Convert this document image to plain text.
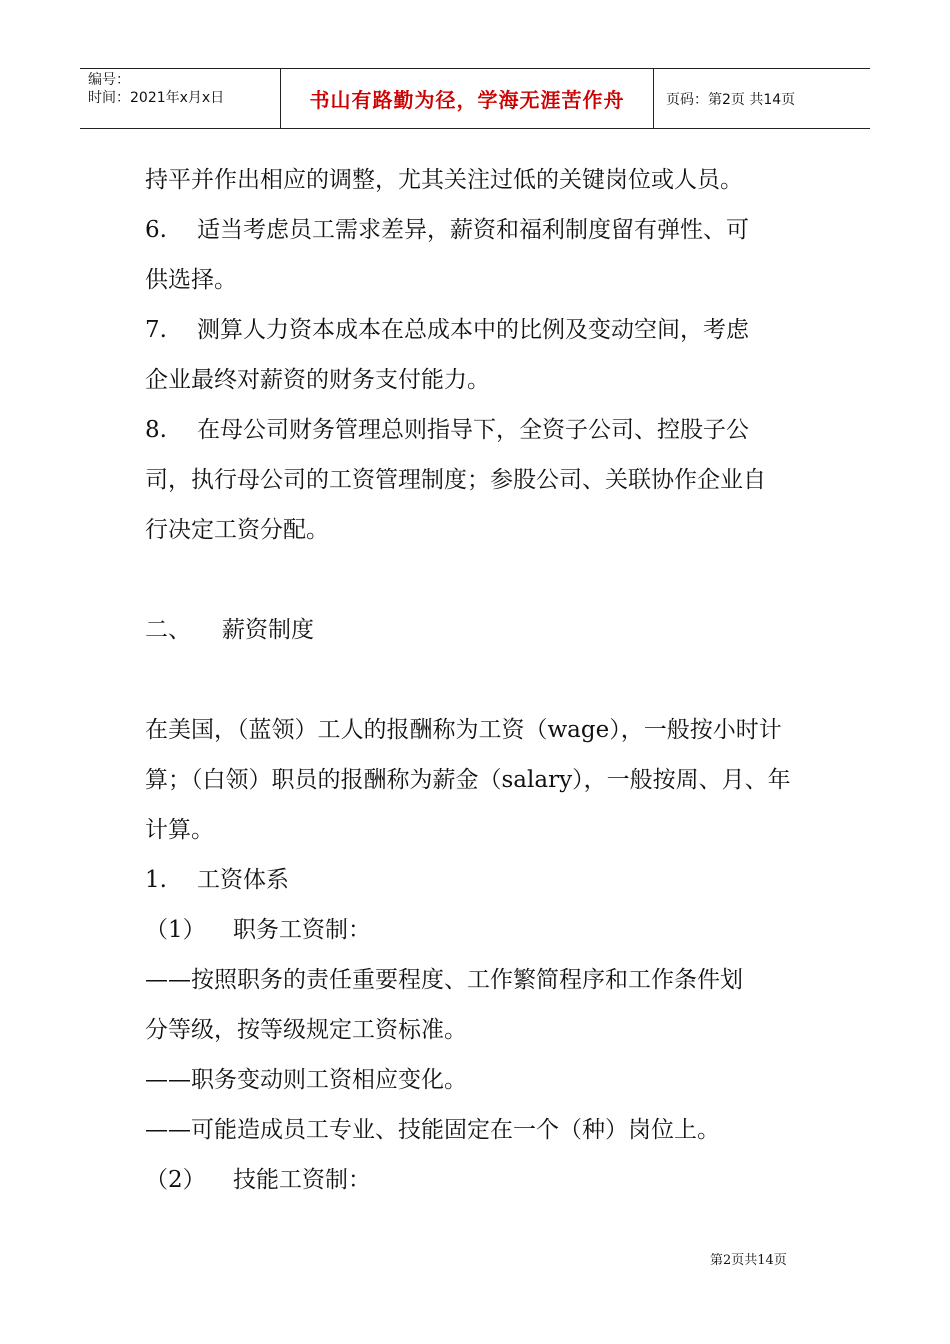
编号：
时间：2021年x月x日	书山有路勤为径，学海无涯苦作舟	页码：第2页 共14页
持平并作出相应的调整，尤其关注过低的关键岗位或人员。
6. 适当考虑员工需求差异，薪资和福利制度留有弹性、可
供选择。
7. 测算人力资本成本在总成本中的比例及变动空间，考虑
企业最终对薪资的财务支付能力。
8. 在母公司财务管理总则指导下，全资子公司、控股子公
司，执行母公司的工资管理制度；参股公司、关联协作企业自
行决定工资分配。
二、 薪资制度
在美国，（蓝领）工人的报酬称为工资（wage），一般按小时计
算；（白领）职员的报酬称为薪金（salary），一般按周、月、年
计算。
1. 工资体系
（1） 职务工资制：
——按照职务的责任重要程度、工作繁简程序和工作条件划
分等级，按等级规定工资标准。
——职务变动则工资相应变化。
——可能造成员工专业、技能固定在一个（种）岗位上。
（2） 技能工资制：
第2页共14页
